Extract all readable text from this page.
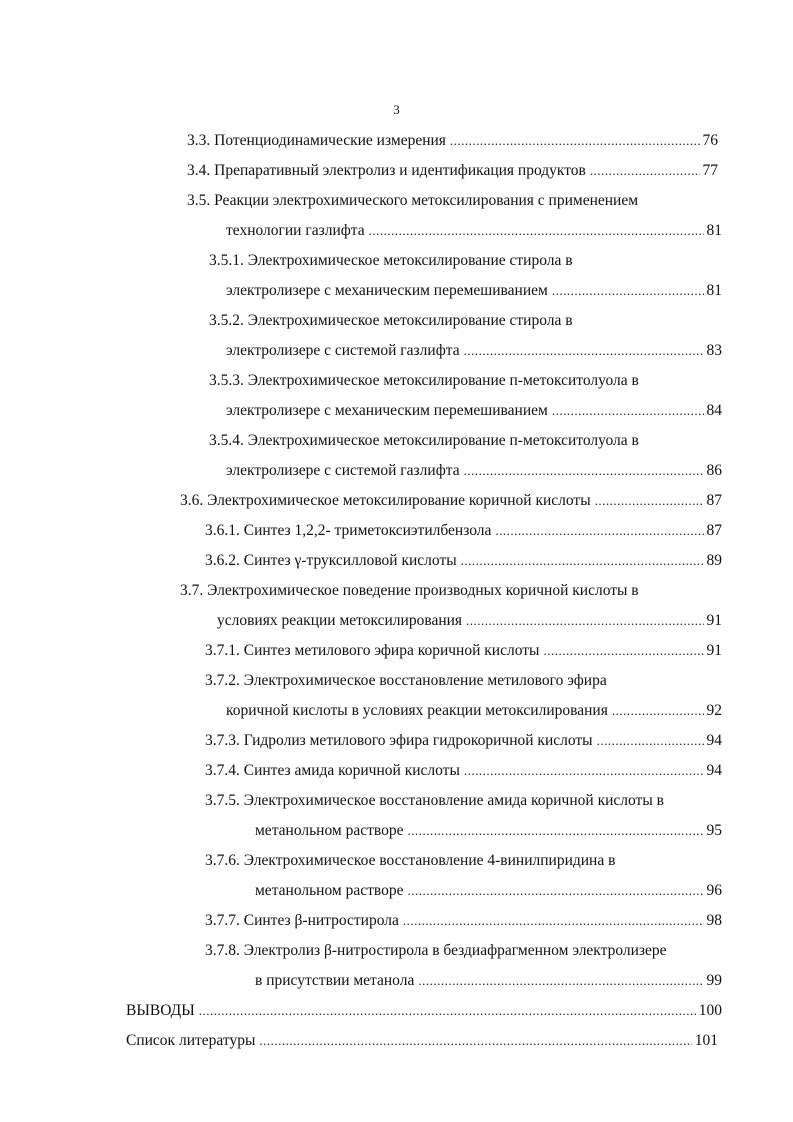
3
3.3. Потенциодинамические измерения .....	76
3.4. Препаративный электролиз и идентификация продуктов .....	77
3.5. Реакции электрохимического метоксилирования с применением
технологии газлифта .....	81
3.5.1. Электрохимическое метоксилирование стирола в
электролизере с механическим перемешиванием .....	81
3.5.2. Электрохимическое метоксилирование стирола в
электролизере с системой газлифта .....	83
3.5.3. Электрохимическое метоксилирование п-метокситолуола в
электролизере с механическим перемешиванием .....	84
3.5.4. Электрохимическое метоксилирование п-метокситолуола в
электролизере с системой газлифта .....	86
3.6. Электрохимическое метоксилирование коричной кислоты .....	87
3.6.1. Синтез 1,2,2- триметоксиэтилбензола .....	87
3.6.2. Синтез γ-труксилловой кислоты .....	89
3.7. Электрохимическое поведение производных коричной кислоты в
условиях реакции метоксилирования .....	91
3.7.1. Синтез метилового эфира коричной кислоты .....	91
3.7.2. Электрохимическое восстановление метилового эфира
коричной кислоты в условиях реакции метоксилирования .....	92
3.7.3. Гидролиз метилового эфира гидрокоричной кислоты .....	94
3.7.4. Синтез амида коричной кислоты .....	94
3.7.5. Электрохимическое восстановление амида коричной кислоты в
метанольном растворе .....	95
3.7.6. Электрохимическое восстановление 4-винилпиридина в
метанольном растворе .....	96
3.7.7. Синтез β-нитростирола .....	98
3.7.8. Электролиз β-нитростирола в бездиафрагменном электролизере
в присутствии метанола .....	99
ВЫВОДЫ .....	100
Список литературы .....	101
